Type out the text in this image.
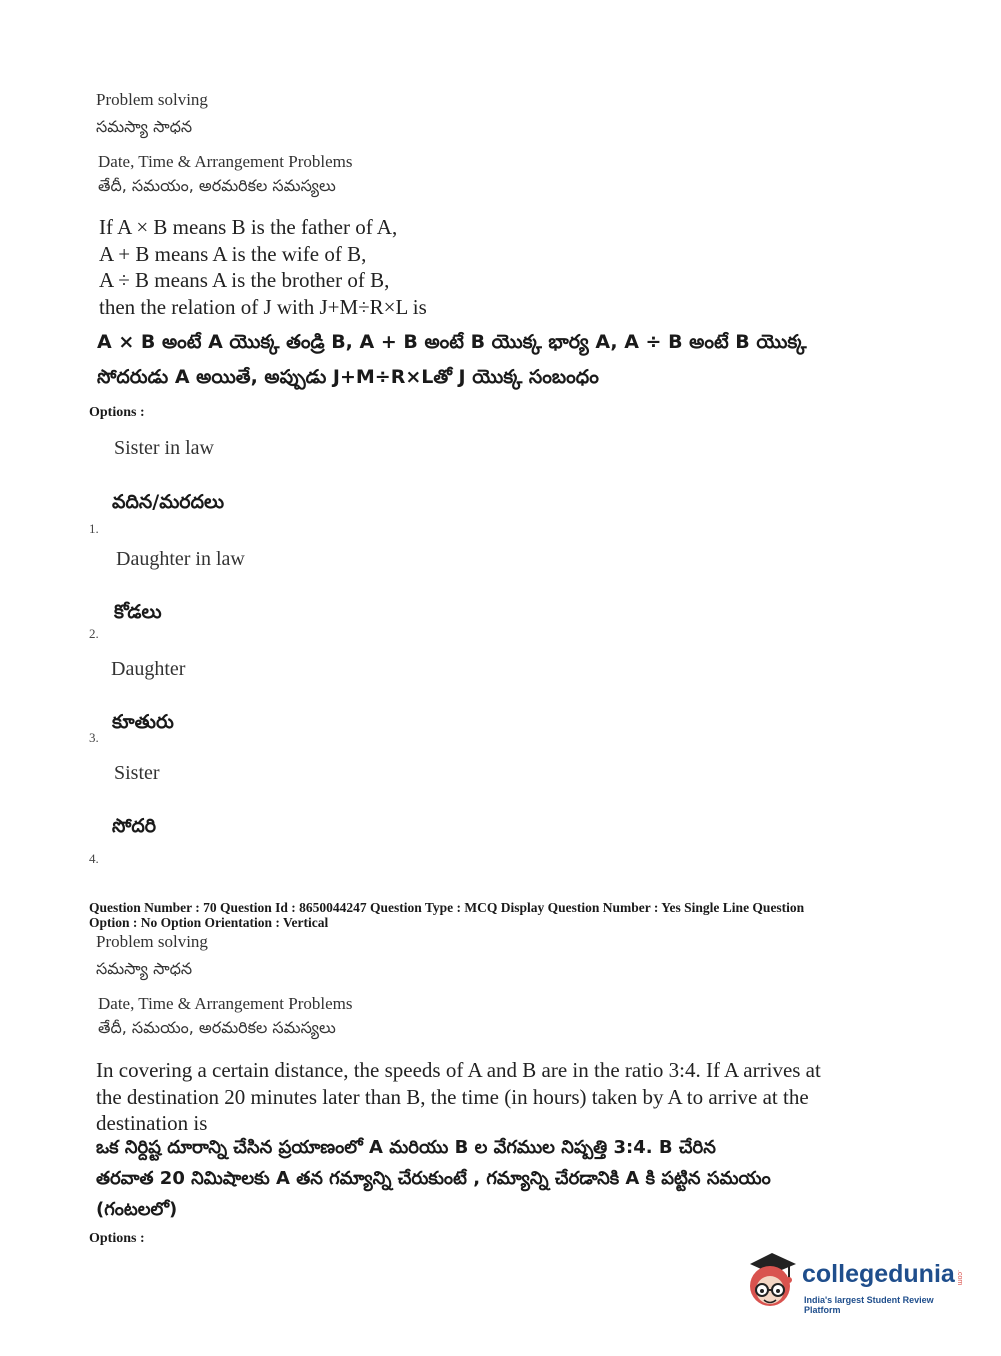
Problem solving
సమస్యా సాధన
Date, Time & Arrangement Problems
తేదీ, సమయం, అరమరికల సమస్యలు
If A × B means B is the father of A,
A + B means A is the wife of B,
A ÷ B means A is the brother of B,
then the relation of J with J+M÷R×L is
A × B అంటే A యొక్క తండ్రి B, A + B అంటే B యొక్క భార్య A, A ÷ B అంటే B యొక్క
సోదరుడు A అయితే, అప్పుడు J+M÷R×Lతో J యొక్క సంబంధం
Options :
Sister in law
వదిన/మరదలు
1.
Daughter in law
కోడలు
2.
Daughter
కూతురు
3.
Sister
సోదరి
4.
Question Number : 70 Question Id : 8650044247 Question Type : MCQ Display Question Number : Yes Single Line Question
Option : No Option Orientation : Vertical
Problem solving
సమస్యా సాధన
Date, Time & Arrangement Problems
తేదీ, సమయం, అరమరికల సమస్యలు
In covering a certain distance, the speeds of A and B are in the ratio 3:4. If A arrives at
the destination 20 minutes later than B, the time (in hours) taken by A to arrive at the
destination is
ఒక నిర్దిష్ట దూరాన్ని చేసిన ప్రయాణంలో A మరియు B ల వేగముల నిష్పత్తి 3:4. B చేరిన
తరవాత 20 నిమిషాలకు A తన గమ్యాన్ని చేరుకుంటే , గమ్యాన్ని చేరడానికి A కి పట్టిన సమయం
(గంటలలో)
Options :
collegedunia .com
India's largest Student Review Platform
